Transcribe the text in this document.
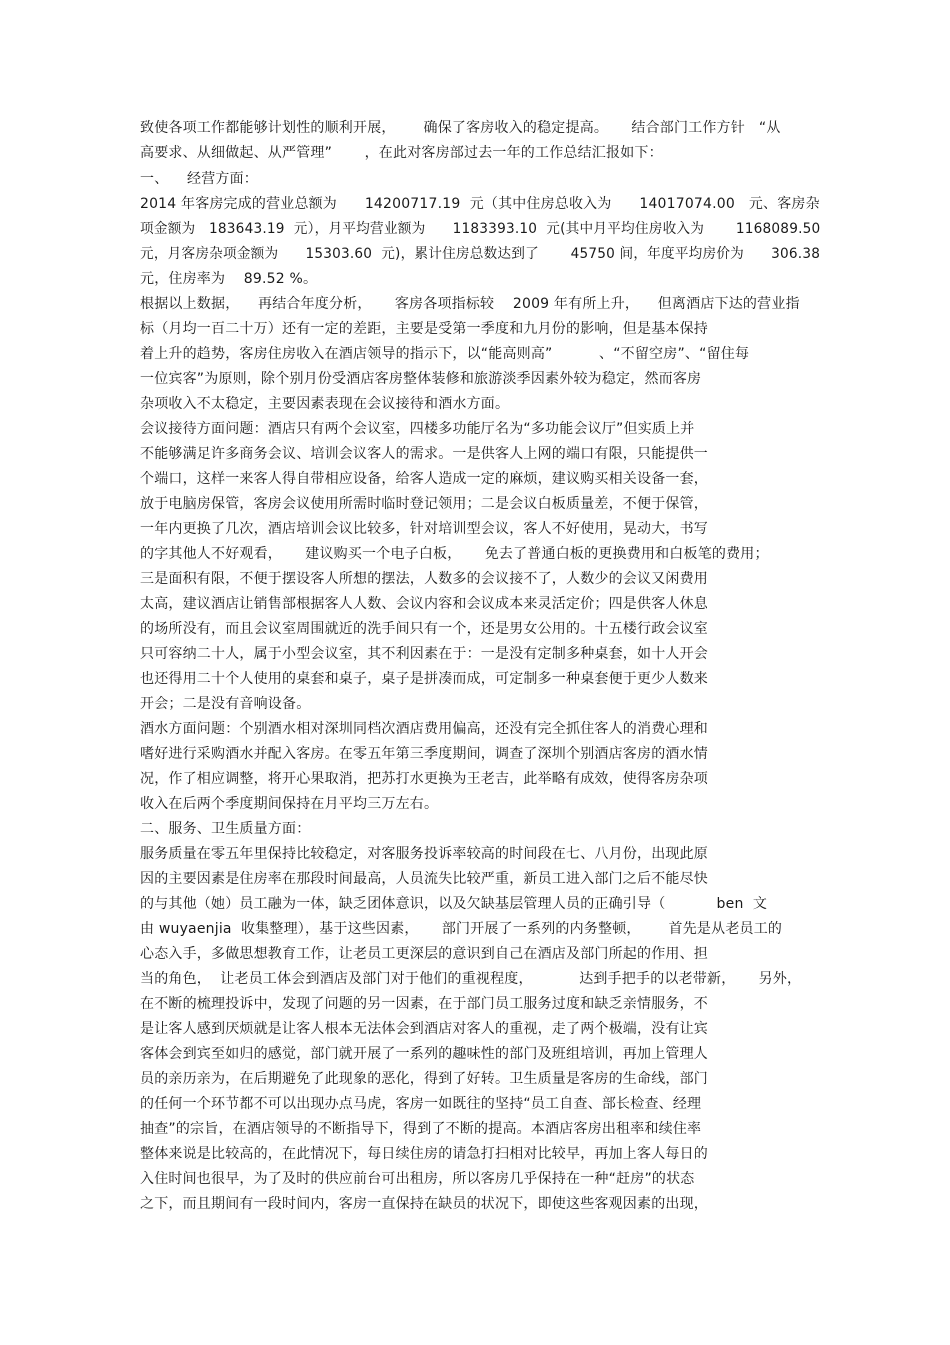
致使各项工作都能够计划性的顺利开展，      确保了客房收入的稳定提高。     结合部门工作方针   “从
高要求、从细做起、从严管理”       ，在此对客房部过去一年的工作总结汇报如下：
一、    经营方面：
2014 年客房完成的营业总额为      14200717.19  元（其中住房总收入为      14017074.00   元、客房杂
项金额为   183643.19  元），月平均营业额为      1183393.10  元(其中月平均住房收入为       1168089.50
元，月客房杂项金额为      15303.60  元)，累计住房总数达到了       45750 间，年度平均房价为      306.38
元，住房率为    89.52 %。
根据以上数据，    再结合年度分析，     客房各项指标较    2009 年有所上升，    但离酒店下达的营业指
标（月均一百二十万）还有一定的差距，主要是受第一季度和九月份的影响，但是基本保持
着上升的趋势，客房住房收入在酒店领导的指示下，以“能高则高”          、“不留空房”、“留住每
一位宾客”为原则，除个别月份受酒店客房整体装修和旅游淡季因素外较为稳定，然而客房
杂项收入不太稳定，主要因素表现在会议接待和酒水方面。
会议接待方面问题：酒店只有两个会议室，四楼多功能厅名为“多功能会议厅”但实质上并
不能够满足许多商务会议、培训会议客人的需求。一是供客人上网的端口有限，只能提供一
个端口，这样一来客人得自带相应设备，给客人造成一定的麻烦，建议购买相关设备一套，
放于电脑房保管，客房会议使用所需时临时登记领用；二是会议白板质量差，不便于保管，
一年内更换了几次，酒店培训会议比较多，针对培训型会议，客人不好使用，晃动大，书写
的字其他人不好观看，     建议购买一个电子白板，     免去了普通白板的更换费用和白板笔的费用；
三是面积有限，不便于摆设客人所想的摆法，人数多的会议接不了，人数少的会议又闲费用
太高，建议酒店让销售部根据客人人数、会议内容和会议成本来灵活定价；四是供客人休息
的场所没有，而且会议室周围就近的洗手间只有一个，还是男女公用的。十五楼行政会议室
只可容纳二十人，属于小型会议室，其不利因素在于：一是没有定制多种桌套，如十人开会
也还得用二十个人使用的桌套和桌子，桌子是拼凑而成，可定制多一种桌套便于更少人数来
开会；二是没有音响设备。
酒水方面问题：个别酒水相对深圳同档次酒店费用偏高，还没有完全抓住客人的消费心理和
嗜好进行采购酒水并配入客房。在零五年第三季度期间，调查了深圳个别酒店客房的酒水情
况，作了相应调整，将开心果取消，把苏打水更换为王老吉，此举略有成效，使得客房杂项
收入在后两个季度期间保持在月平均三万左右。
二、服务、卫生质量方面：
服务质量在零五年里保持比较稳定，对客服务投诉率较高的时间段在七、八月份，出现此原
因的主要因素是住房率在那段时间最高，人员流失比较严重，新员工进入部门之后不能尽快
的与其他（她）员工融为一体，缺乏团体意识，以及欠缺基层管理人员的正确引导（           ben  文
由 wuyaenjia  收集整理），基于这些因素，     部门开展了一系列的内务整顿，      首先是从老员工的
心态入手，多做思想教育工作，让老员工更深层的意识到自己在酒店及部门所起的作用、担
当的角色，  让老员工体会到酒店及部门对于他们的重视程度，          达到手把手的以老带新，     另外，
在不断的梳理投诉中，发现了问题的另一因素，在于部门员工服务过度和缺乏亲情服务，不
是让客人感到厌烦就是让客人根本无法体会到酒店对客人的重视，走了两个极端，没有让宾
客体会到宾至如归的感觉，部门就开展了一系列的趣味性的部门及班组培训，再加上管理人
员的亲历亲为，在后期避免了此现象的恶化，得到了好转。卫生质量是客房的生命线，部门
的任何一个环节都不可以出现办点马虎，客房一如既往的坚持“员工自查、部长检查、经理
抽查”的宗旨，在酒店领导的不断指导下，得到了不断的提高。本酒店客房出租率和续住率
整体来说是比较高的，在此情况下，每日续住房的请急打扫相对比较早，再加上客人每日的
入住时间也很早，为了及时的供应前台可出租房，所以客房几乎保持在一种“赶房”的状态
之下，而且期间有一段时间内，客房一直保持在缺员的状况下，即使这些客观因素的出现，
